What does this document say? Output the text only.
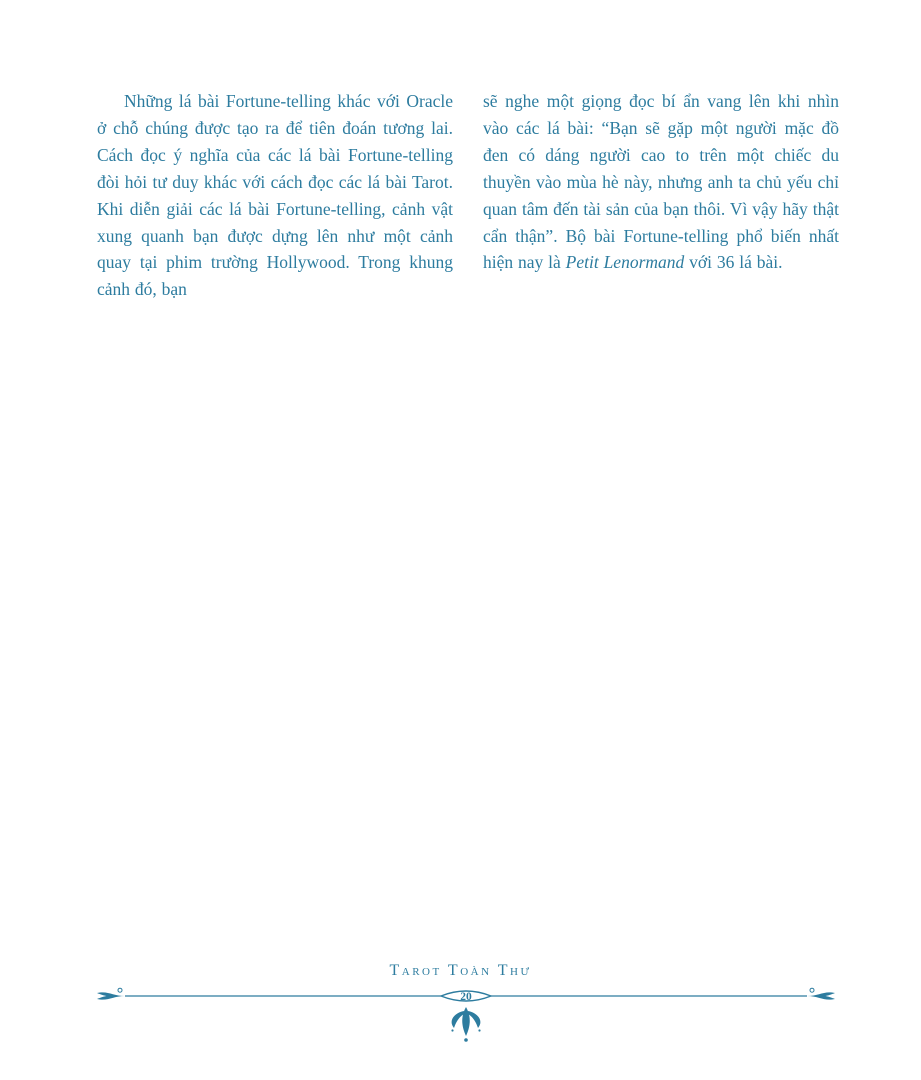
Những lá bài Fortune-telling khác với Oracle ở chỗ chúng được tạo ra để tiên đoán tương lai. Cách đọc ý nghĩa của các lá bài Fortune-telling đòi hỏi tư duy khác với cách đọc các lá bài Tarot. Khi diễn giải các lá bài Fortune-telling, cảnh vật xung quanh bạn được dựng lên như một cảnh quay tại phim trường Hollywood. Trong khung cảnh đó, bạn

sẽ nghe một giọng đọc bí ẩn vang lên khi nhìn vào các lá bài: “Bạn sẽ gặp một người mặc đồ đen có dáng người cao to trên một chiếc du thuyền vào mùa hè này, nhưng anh ta chủ yếu chỉ quan tâm đến tài sản của bạn thôi. Vì vậy hãy thật cẩn thận”. Bộ bài Fortune-telling phổ biến nhất hiện nay là Petit Lenormand với 36 lá bài.

Tarot Toàn Thư
20
